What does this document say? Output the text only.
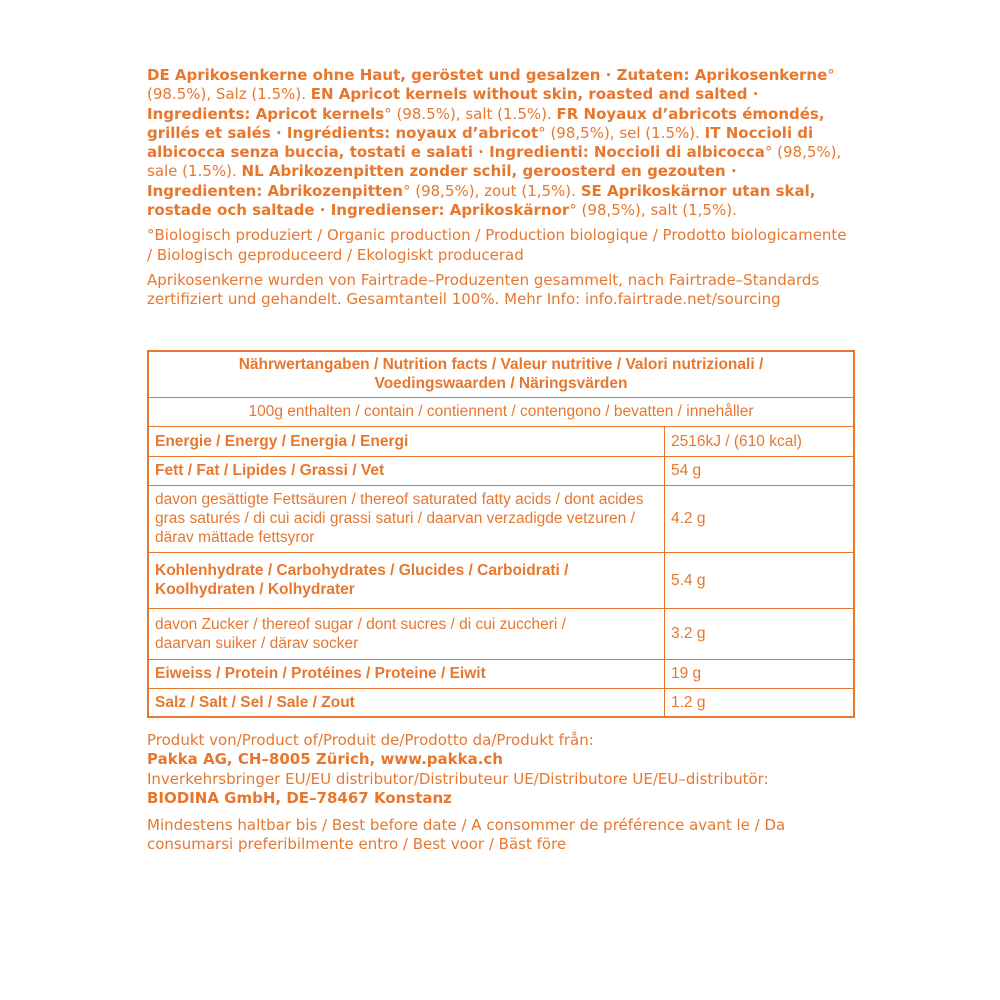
DE Aprikosenkerne ohne Haut, geröstet und gesalzen · Zutaten: Aprikosenkerne° (98.5%), Salz (1.5%). EN Apricot kernels without skin, roasted and salted · Ingredients: Apricot kernels° (98.5%), salt (1.5%). FR Noyaux d’abricots émondés, grillés et salés · Ingrédients: noyaux d’abricot° (98,5%), sel (1.5%). IT Noccioli di albicocca senza buccia, tostati e salati · Ingredienti: Noccioli di albicocca° (98,5%), sale (1.5%). NL Abrikozenpitten zonder schil, geroosterd en gezouten · Ingredienten: Abrikozenpitten° (98,5%), zout (1,5%). SE Aprikoskärnor utan skal, rostade och saltade · Ingredienser: Aprikoskärnor° (98,5%), salt (1,5%).

°Biologisch produziert / Organic production / Production biologique / Prodotto biologicamente / Biologisch geproduceerd / Ekologiskt producerad

Aprikosenkerne wurden von Fairtrade–Produzenten gesammelt, nach Fairtrade–Standards zertifiziert und gehandelt. Gesamtanteil 100%. Mehr Info: info.fairtrade.net/sourcing

Nährwertangaben / Nutrition facts / Valeur nutritive / Valori nutrizionali / Voedingswaarden / Näringsvärden	
100g enthalten / contain / contiennent / contengono / bevatten / innehåller	
Energie / Energy / Energia / Energi	2516kJ / (610 kcal)
Fett / Fat / Lipides / Grassi / Vet	54 g
davon gesättigte Fettsäuren / thereof saturated fatty acids / dont acides gras saturés / di cui acidi grassi saturi / daarvan verzadigde vetzuren / därav mättade fettsyror	4.2 g
Kohlenhydrate / Carbohydrates / Glucides / Carboidrati / Koolhydraten / Kolhydrater	5.4 g
davon Zucker / thereof sugar / dont sucres / di cui zuccheri / daarvan suiker / därav socker	3.2 g
Eiweiss / Protein / Protéines / Proteine / Eiwit	19 g
Salz / Salt / Sel / Sale / Zout	1.2 g

Produkt von/Product of/Produit de/Prodotto da/Produkt från:

Pakka AG, CH–8005 Zürich, www.pakka.ch

Inverkehrsbringer EU/EU distributor/Distributeur UE/Distributore UE/EU–distributör:

BIODINA GmbH, DE–78467 Konstanz

Mindestens haltbar bis / Best before date / A consommer de préférence avant le / Da consumarsi preferibilmente entro / Best voor / Bäst före
